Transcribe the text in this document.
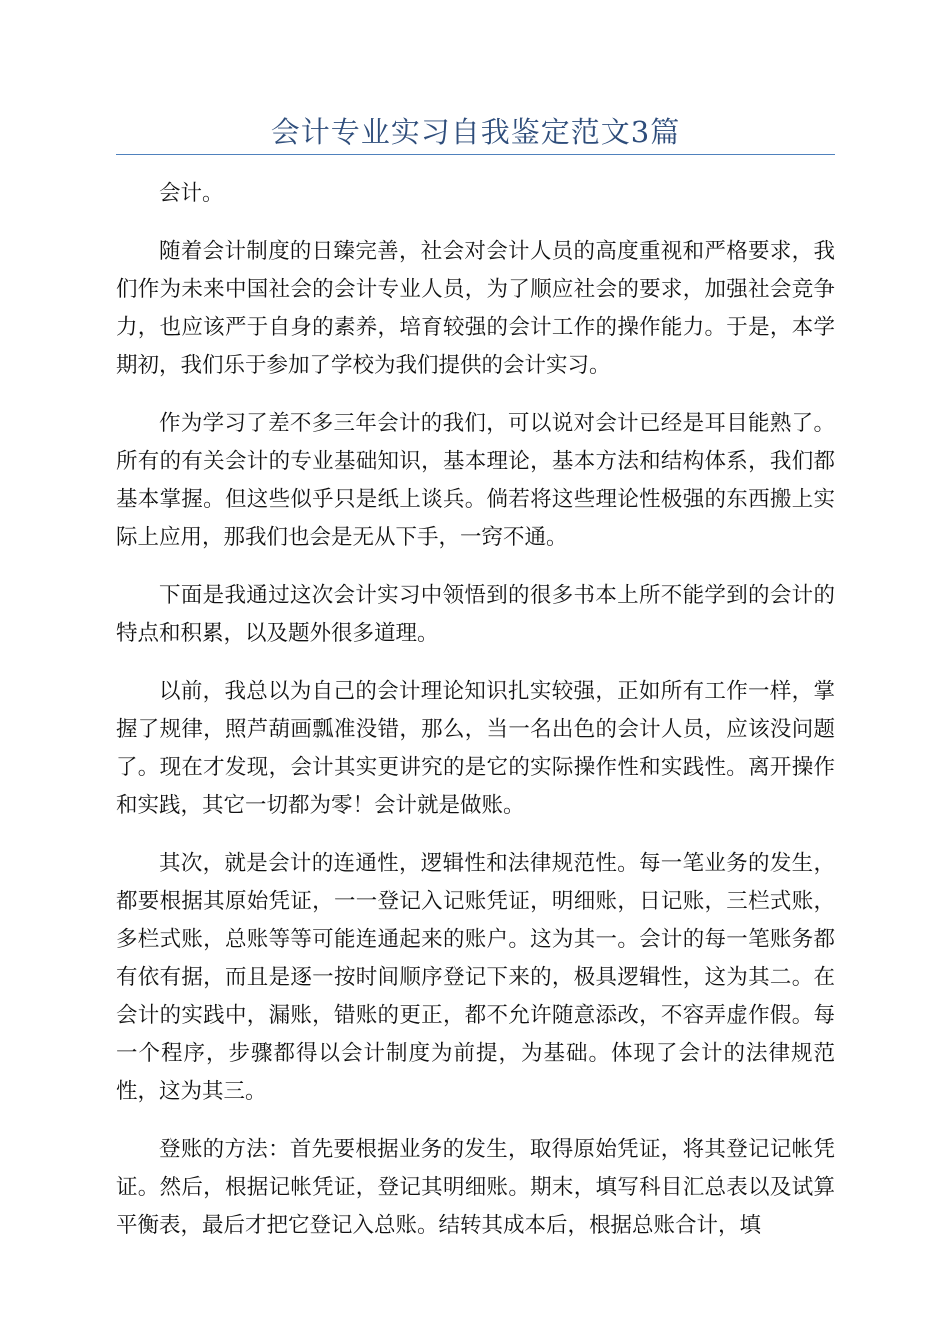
会计专业实习自我鉴定范文3篇

会计。

随着会计制度的日臻完善，社会对会计人员的高度重视和严格要求，我们作为未来中国社会的会计专业人员，为了顺应社会的要求，加强社会竞争力，也应该严于自身的素养，培育较强的会计工作的操作能力。于是，本学期初，我们乐于参加了学校为我们提供的会计实习。

作为学习了差不多三年会计的我们，可以说对会计已经是耳目能熟了。所有的有关会计的专业基础知识，基本理论，基本方法和结构体系，我们都基本掌握。但这些似乎只是纸上谈兵。倘若将这些理论性极强的东西搬上实际上应用，那我们也会是无从下手，一窍不通。

下面是我通过这次会计实习中领悟到的很多书本上所不能学到的会计的特点和积累，以及题外很多道理。

以前，我总以为自己的会计理论知识扎实较强，正如所有工作一样，掌握了规律，照芦葫画瓢准没错，那么，当一名出色的会计人员，应该没问题了。现在才发现，会计其实更讲究的是它的实际操作性和实践性。离开操作和实践，其它一切都为零！会计就是做账。

其次，就是会计的连通性，逻辑性和法律规范性。每一笔业务的发生，都要根据其原始凭证，一一登记入记账凭证，明细账，日记账，三栏式账，多栏式账，总账等等可能连通起来的账户。这为其一。会计的每一笔账务都有依有据，而且是逐一按时间顺序登记下来的，极具逻辑性，这为其二。在会计的实践中，漏账，错账的更正，都不允许随意添改，不容弄虚作假。每一个程序，步骤都得以会计制度为前提，为基础。体现了会计的法律规范性，这为其三。

登账的方法：首先要根据业务的发生，取得原始凭证，将其登记记帐凭证。然后，根据记帐凭证，登记其明细账。期末，填写科目汇总表以及试算平衡表，最后才把它登记入总账。结转其成本后，根据总账合计，填
